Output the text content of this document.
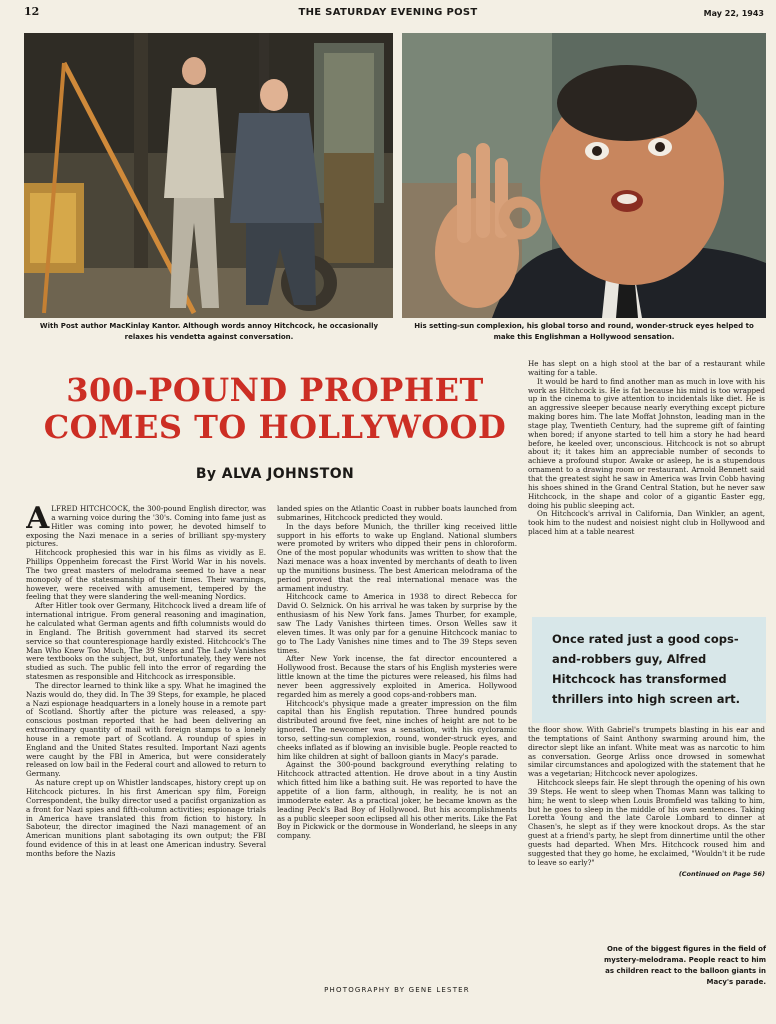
12	THE SATURDAY EVENING POST	May 22, 1943
With Post author MacKinlay Kantor. Although words annoy Hitchcock, he occasionally relaxes his vendetta against conversation.
His setting-sun complexion, his global torso and round, wonder-struck eyes helped to make this Englishman a Hollywood sensation.
300-POUND PROPHET
COMES TO HOLLYWOOD
By ALVA JOHNSTON

ALFRED HITCHCOCK, the 300-pound English director, was a warning voice during the '30's. Coming into fame just as Hitler was coming into power, he devoted himself to exposing the Nazi menace in a series of brilliant spy-mystery pictures.

Hitchcock prophesied this war in his films as vividly as E. Phillips Oppenheim forecast the First World War in his novels. The two great masters of melodrama seemed to have a near monopoly of the statesmanship of their times. Their warnings, however, were received with amusement, tempered by the feeling that they were slandering the well-meaning Nordics.

After Hitler took over Germany, Hitchcock lived a dream life of international intrigue. From general reasoning and imagination, he calculated what German agents and fifth columnists would do in England. The British government had starved its secret service so that counterespionage hardly existed. Hitchcock's The Man Who Knew Too Much, The 39 Steps and The Lady Vanishes were textbooks on the subject, but, unfortunately, they were not studied as such. The public fell into the error of regarding the statesmen as responsible and Hitchcock as irresponsible.

The director learned to think like a spy. What he imagined the Nazis would do, they did. In The 39 Steps, for example, he placed a Nazi espionage headquarters in a lonely house in a remote part of Scotland. Shortly after the picture was released, a spy-conscious postman reported that he had been delivering an extraordinary quantity of mail with foreign stamps to a lonely house in a remote part of Scotland. A roundup of spies in England and the United States resulted. Important Nazi agents were caught by the FBI in America, but were considerately released on low bail in the Federal court and allowed to return to Germany.

As nature crept up on Whistler landscapes, history crept up on Hitchcock pictures. In his first American spy film, Foreign Correspondent, the bulky director used a pacifist organization as a front for Nazi spies and fifth-column activities; espionage trials in America have translated this from fiction to history. In Saboteur, the director imagined the Nazi management of an American munitions plant sabotaging its own output; the FBI found evidence of this in at least one American industry. Several months before the Nazis

landed spies on the Atlantic Coast in rubber boats launched from submarines, Hitchcock predicted they would.

In the days before Munich, the thriller king received little support in his efforts to wake up England. National slumbers were promoted by writers who dipped their pens in chloroform. One of the most popular whodunits was written to show that the Nazi menace was a hoax invented by merchants of death to liven up the munitions business. The best American melodrama of the period proved that the real international menace was the armament industry.

Hitchcock came to America in 1938 to direct Rebecca for David O. Selznick. On his arrival he was taken by surprise by the enthusiasm of his New York fans. James Thurber, for example, saw The Lady Vanishes thirteen times. Orson Welles saw it eleven times. It was only par for a genuine Hitchcock maniac to go to The Lady Vanishes nine times and to The 39 Steps seven times.

After New York incense, the fat director encountered a Hollywood frost. Because the stars of his English mysteries were little known at the time the pictures were released, his films had never been aggressively exploited in America. Hollywood regarded him as merely a good cops-and-robbers man.

Hitchcock's physique made a greater impression on the film capital than his English reputation. Three hundred pounds distributed around five feet, nine inches of height are not to be ignored. The newcomer was a sensation, with his cycloramic torso, setting-sun complexion, round, wonder-struck eyes, and cheeks inflated as if blowing an invisible bugle. People reacted to him like children at sight of balloon giants in Macy's parade.

Against the 300-pound background everything relating to Hitchcock attracted attention. He drove about in a tiny Austin which fitted him like a bathing suit. He was reported to have the appetite of a lion farm, although, in reality, he is not an immoderate eater. As a practical joker, he became known as the leading Peck's Bad Boy of Hollywood. But his accomplishments as a public sleeper soon eclipsed all his other merits. Like the Fat Boy in Pickwick or the dormouse in Wonderland, he sleeps in any company.

PHOTOGRAPHY BY GENE LESTER

He has slept on a high stool at the bar of a restaurant while waiting for a table.

It would be hard to find another man as much in love with his work as Hitchcock is. He is fat because his mind is too wrapped up in the cinema to give attention to incidentals like diet. He is an aggressive sleeper because nearly everything except picture making bores him. The late Moffat Johnston, leading man in the stage play, Twentieth Century, had the supreme gift of fainting when bored; if anyone started to tell him a story he had heard before, he keeled over, unconscious. Hitchcock is not so abrupt about it; it takes him an appreciable number of seconds to achieve a profound stupor. Awake or asleep, he is a stupendous ornament to a drawing room or restaurant. Arnold Bennett said that the greatest sight he saw in America was Irvin Cobb having his shoes shined in the Grand Central Station, but he never saw Hitchcock, in the shape and color of a gigantic Easter egg, doing his public sleeping act.

On Hitchcock's arrival in California, Dan Winkler, an agent, took him to the nudest and noisiest night club in Hollywood and placed him at a table nearest

Once rated just a good cops-and-robbers guy, Alfred Hitchcock has transformed thrillers into high screen art.

the floor show. With Gabriel's trumpets blasting in his ear and the temptations of Saint Anthony swarming around him, the director slept like an infant. White meat was as narcotic to him as conversation. George Arliss once drowsed in somewhat similar circumstances and apologized with the statement that he was a vegetarian; Hitchcock never apologizes.

Hitchcock sleeps fair. He slept through the opening of his own 39 Steps. He went to sleep when Thomas Mann was talking to him; he went to sleep when Louis Bromfield was talking to him, but he goes to sleep in the middle of his own sentences. Taking Loretta Young and the late Carole Lombard to dinner at Chasen's, he slept as if they were knockout drops. As the star guest at a friend's party, he slept from dinnertime until the other guests had departed. When Mrs. Hitchcock roused him and suggested that they go home, he exclaimed, "Wouldn't it be rude to leave so early?"

(Continued on Page 56)
One of the biggest figures in the field of mystery-melodrama. People react to him as children react to the balloon giants in Macy's parade.
